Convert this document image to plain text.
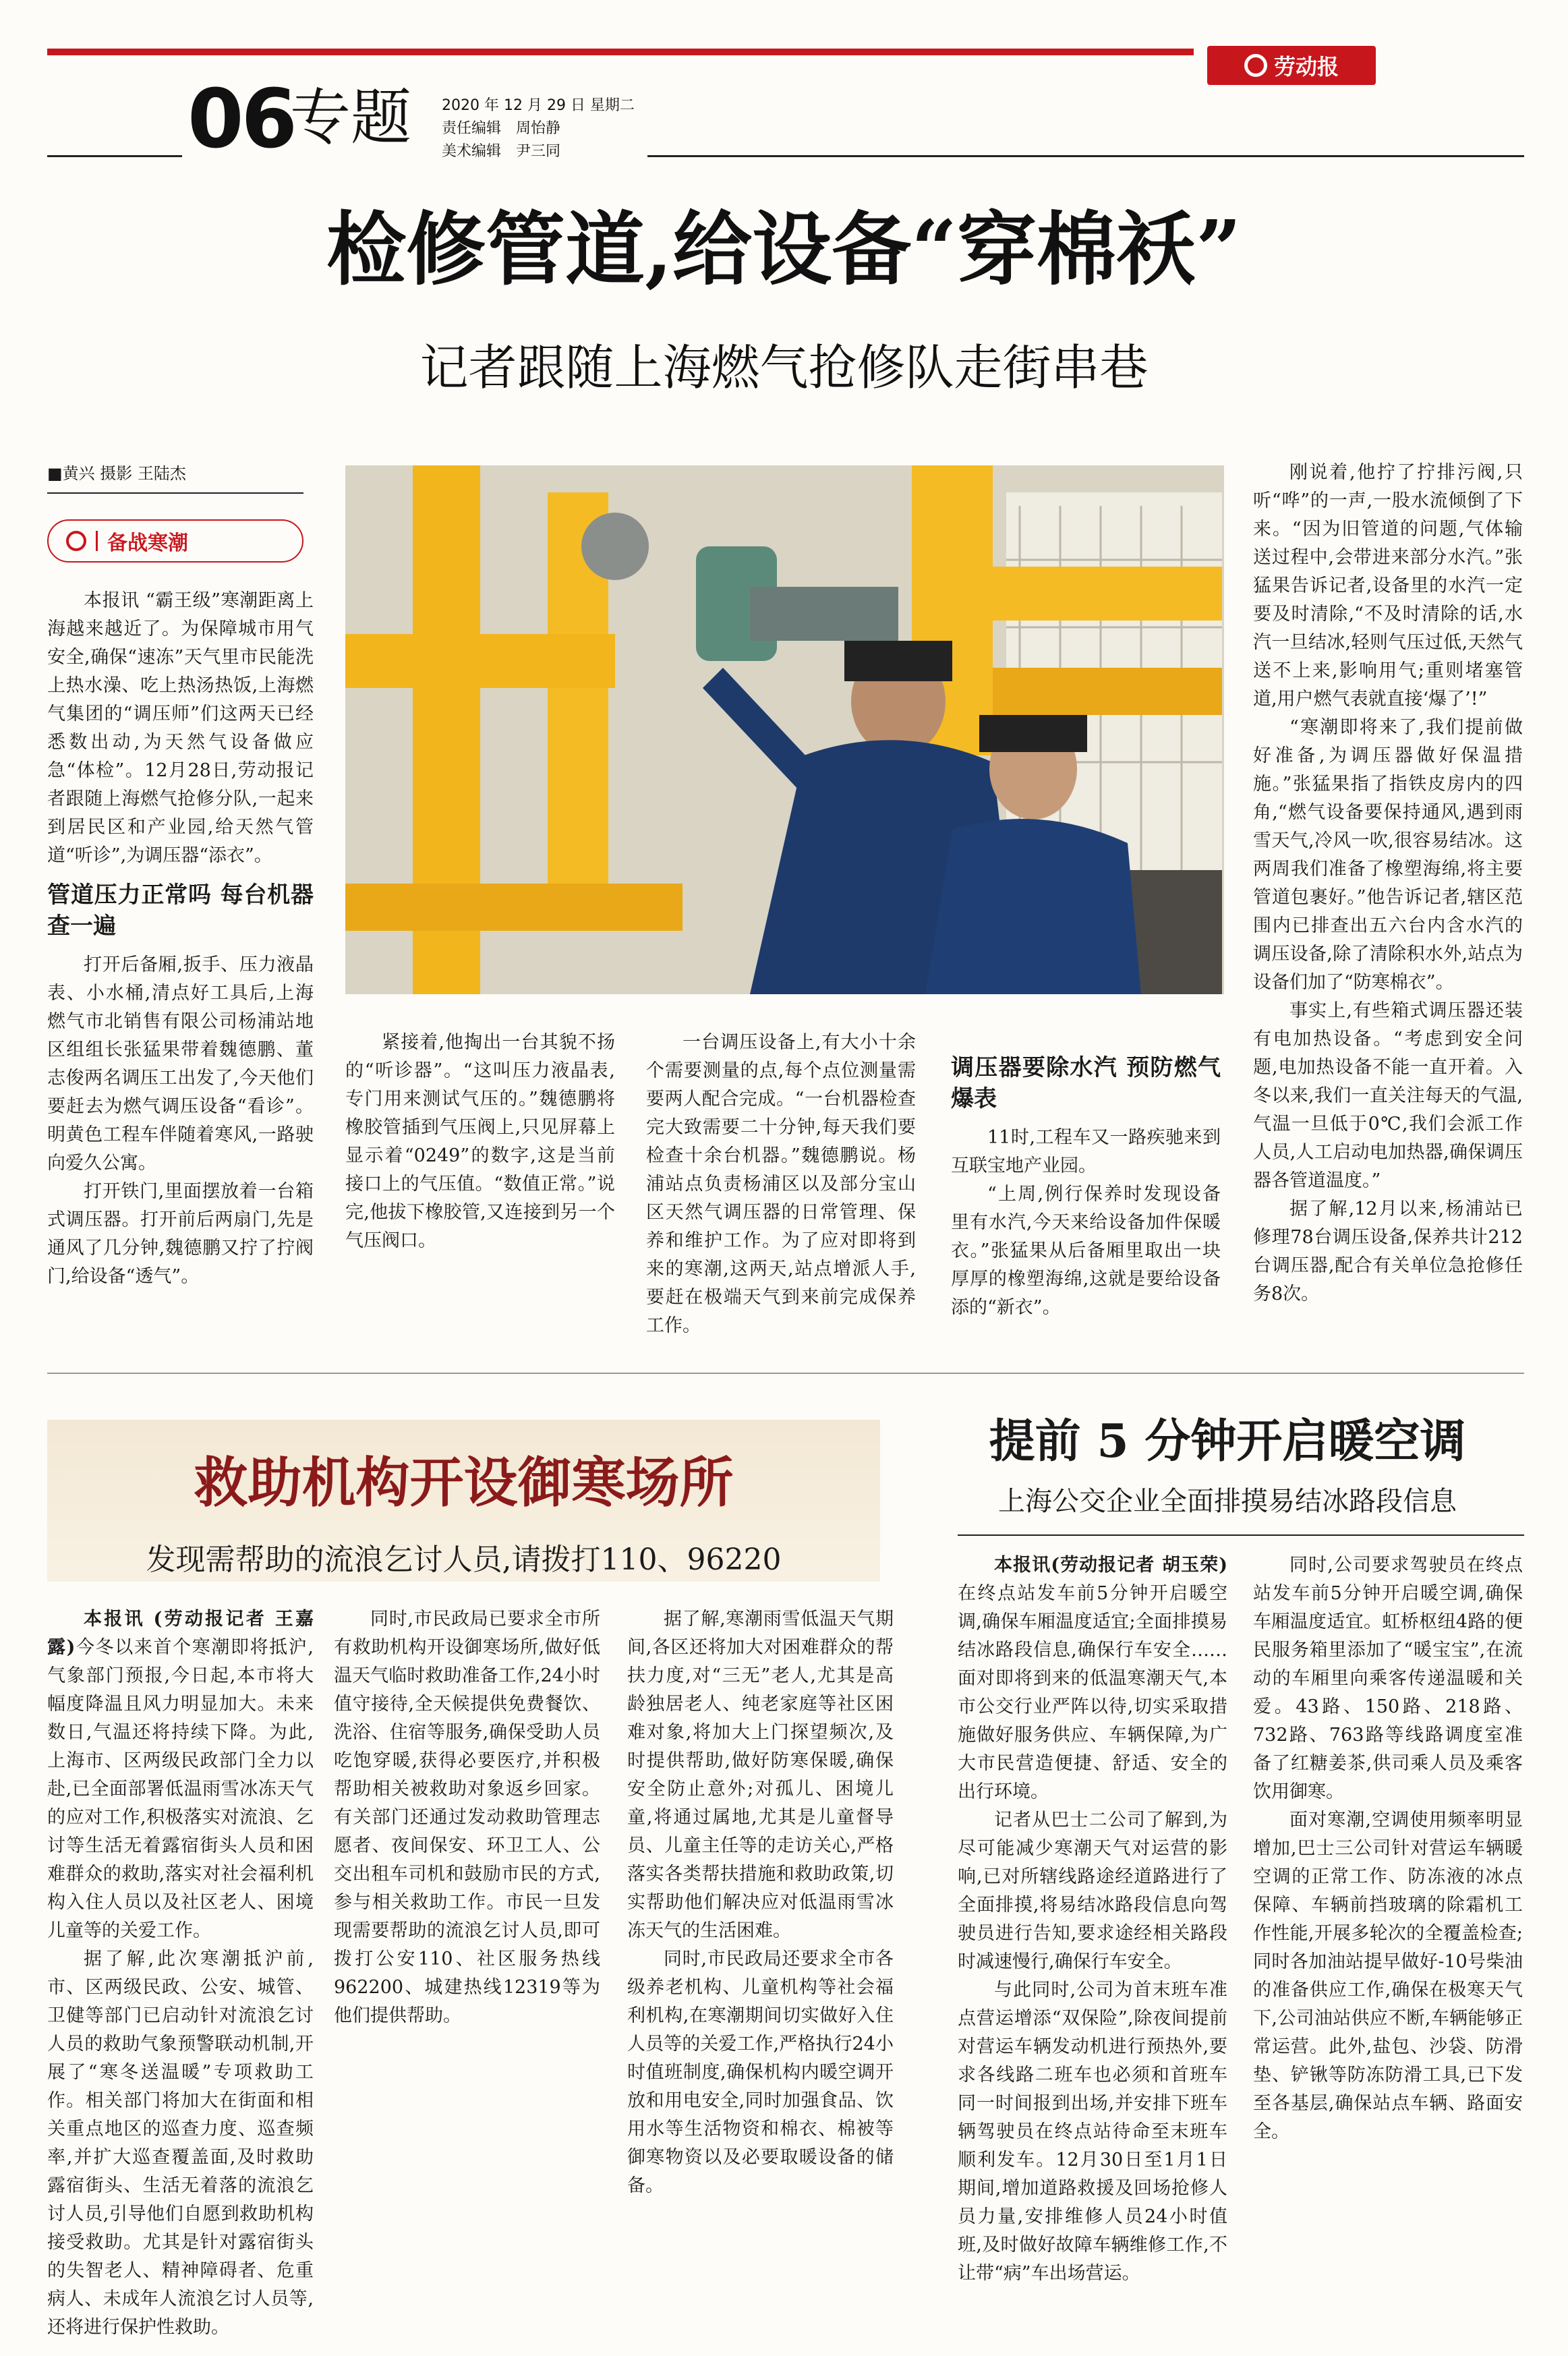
劳动报
06
专题 2020 年 12 月 29 日 星期二
责任编辑　周怡静
美术编辑　尹三同
检修管道,给设备“穿棉袄”
记者跟随上海燃气抢修队走街串巷
■黄兴 摄影 王陆杰
备战寒潮

本报讯 “霸王级”寒潮距离上海越来越近了。为保障城市用气安全,确保“速冻”天气里市民能洗上热水澡、吃上热汤热饭,上海燃气集团的“调压师”们这两天已经悉数出动,为天然气设备做应急“体检”。12月28日,劳动报记者跟随上海燃气抢修分队,一起来到居民区和产业园,给天然气管道“听诊”,为调压器“添衣”。

管道压力正常吗 每台机器查一遍

打开后备厢,扳手、压力液晶表、小水桶,清点好工具后,上海燃气市北销售有限公司杨浦站地区组组长张猛果带着魏德鹏、董志俊两名调压工出发了,今天他们要赶去为燃气调压设备“看诊”。明黄色工程车伴随着寒风,一路驶向爱久公寓。

打开铁门,里面摆放着一台箱式调压器。打开前后两扇门,先是通风了几分钟,魏德鹏又拧了拧阀门,给设备“透气”。

紧接着,他掏出一台其貌不扬的“听诊器”。“这叫压力液晶表,专门用来测试气压的。”魏德鹏将橡胶管插到气压阀上,只见屏幕上显示着“0249”的数字,这是当前接口上的气压值。“数值正常。”说完,他拔下橡胶管,又连接到另一个气压阀口。

一台调压设备上,有大小十余个需要测量的点,每个点位测量需要两人配合完成。“一台机器检查完大致需要二十分钟,每天我们要检查十余台机器。”魏德鹏说。杨浦站点负责杨浦区以及部分宝山区天然气调压器的日常管理、保养和维护工作。为了应对即将到来的寒潮,这两天,站点增派人手,要赶在极端天气到来前完成保养工作。

调压器要除水汽 预防燃气爆表

11时,工程车又一路疾驰来到互联宝地产业园。

“上周,例行保养时发现设备里有水汽,今天来给设备加件保暖衣。”张猛果从后备厢里取出一块厚厚的橡塑海绵,这就是要给设备添的“新衣”。

刚说着,他拧了拧排污阀,只听“哗”的一声,一股水流倾倒了下来。“因为旧管道的问题,气体输送过程中,会带进来部分水汽。”张猛果告诉记者,设备里的水汽一定要及时清除,“不及时清除的话,水汽一旦结冰,轻则气压过低,天然气送不上来,影响用气;重则堵塞管道,用户燃气表就直接‘爆了’!”

“寒潮即将来了,我们提前做好准备,为调压器做好保温措施。”张猛果指了指铁皮房内的四角,“燃气设备要保持通风,遇到雨雪天气,冷风一吹,很容易结冰。这两周我们准备了橡塑海绵,将主要管道包裹好。”他告诉记者,辖区范围内已排查出五六台内含水汽的调压设备,除了清除积水外,站点为设备们加了“防寒棉衣”。

事实上,有些箱式调压器还装有电加热设备。“考虑到安全问题,电加热设备不能一直开着。入冬以来,我们一直关注每天的气温,气温一旦低于0℃,我们会派工作人员,人工启动电加热器,确保调压器各管道温度。”

据了解,12月以来,杨浦站已修理78台调压设备,保养共计212台调压器,配合有关单位急抢修任务8次。

救助机构开设御寒场所
发现需帮助的流浪乞讨人员,请拨打110、96220

本报讯 (劳动报记者 王嘉露)今冬以来首个寒潮即将抵沪,气象部门预报,今日起,本市将大幅度降温且风力明显加大。未来数日,气温还将持续下降。为此,上海市、区两级民政部门全力以赴,已全面部署低温雨雪冰冻天气的应对工作,积极落实对流浪、乞讨等生活无着露宿街头人员和困难群众的救助,落实对社会福利机构入住人员以及社区老人、困境儿童等的关爱工作。

据了解,此次寒潮抵沪前,市、区两级民政、公安、城管、卫健等部门已启动针对流浪乞讨人员的救助气象预警联动机制,开展了“寒冬送温暖”专项救助工作。相关部门将加大在街面和相关重点地区的巡查力度、巡查频率,并扩大巡查覆盖面,及时救助露宿街头、生活无着落的流浪乞讨人员,引导他们自愿到救助机构接受救助。尤其是针对露宿街头的失智老人、精神障碍者、危重病人、未成年人流浪乞讨人员等,还将进行保护性救助。

同时,市民政局已要求全市所有救助机构开设御寒场所,做好低温天气临时救助准备工作,24小时值守接待,全天候提供免费餐饮、洗浴、住宿等服务,确保受助人员吃饱穿暖,获得必要医疗,并积极帮助相关被救助对象返乡回家。有关部门还通过发动救助管理志愿者、夜间保安、环卫工人、公交出租车司机和鼓励市民的方式,参与相关救助工作。市民一旦发现需要帮助的流浪乞讨人员,即可拨打公安110、社区服务热线962200、城建热线12319等为他们提供帮助。

据了解,寒潮雨雪低温天气期间,各区还将加大对困难群众的帮扶力度,对“三无”老人,尤其是高龄独居老人、纯老家庭等社区困难对象,将加大上门探望频次,及时提供帮助,做好防寒保暖,确保安全防止意外;对孤儿、困境儿童,将通过属地,尤其是儿童督导员、儿童主任等的走访关心,严格落实各类帮扶措施和救助政策,切实帮助他们解决应对低温雨雪冰冻天气的生活困难。

同时,市民政局还要求全市各级养老机构、儿童机构等社会福利机构,在寒潮期间切实做好入住人员等的关爱工作,严格执行24小时值班制度,确保机构内暖空调开放和用电安全,同时加强食品、饮用水等生活物资和棉衣、棉被等御寒物资以及必要取暖设备的储备。

提前 5 分钟开启暖空调
上海公交企业全面排摸易结冰路段信息

本报讯(劳动报记者 胡玉荣)在终点站发车前5分钟开启暖空调,确保车厢温度适宜;全面排摸易结冰路段信息,确保行车安全……面对即将到来的低温寒潮天气,本市公交行业严阵以待,切实采取措施做好服务供应、车辆保障,为广大市民营造便捷、舒适、安全的出行环境。

记者从巴士二公司了解到,为尽可能减少寒潮天气对运营的影响,已对所辖线路途经道路进行了全面排摸,将易结冰路段信息向驾驶员进行告知,要求途经相关路段时减速慢行,确保行车安全。

与此同时,公司为首末班车准点营运增添“双保险”,除夜间提前对营运车辆发动机进行预热外,要求各线路二班车也必须和首班车同一时间报到出场,并安排下班车辆驾驶员在终点站待命至末班车顺利发车。12月30日至1月1日期间,增加道路救援及回场抢修人员力量,安排维修人员24小时值班,及时做好故障车辆维修工作,不让带“病”车出场营运。

同时,公司要求驾驶员在终点站发车前5分钟开启暖空调,确保车厢温度适宜。虹桥枢纽4路的便民服务箱里添加了“暖宝宝”,在流动的车厢里向乘客传递温暖和关爱。43路、150路、218路、732路、763路等线路调度室准备了红糖姜茶,供司乘人员及乘客饮用御寒。

面对寒潮,空调使用频率明显增加,巴士三公司针对营运车辆暖空调的正常工作、防冻液的冰点保障、车辆前挡玻璃的除霜机工作性能,开展多轮次的全覆盖检查;同时各加油站提早做好-10号柴油的准备供应工作,确保在极寒天气下,公司油站供应不断,车辆能够正常运营。此外,盐包、沙袋、防滑垫、铲锹等防冻防滑工具,已下发至各基层,确保站点车辆、路面安全。
